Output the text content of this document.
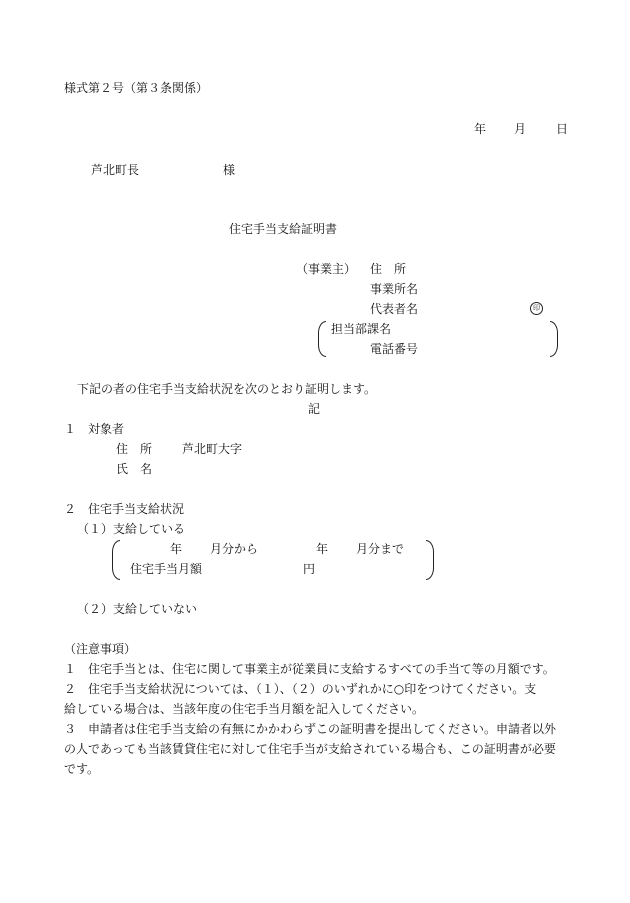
様式第２号（第３条関係）
年 月 日
芦北町長	様
住宅手当支給証明書
（事業主） 住　所
事業所名
代表者名	印
担当部課名
電話番号
下記の者の住宅手当支給状況を次のとおり証明します。
記
１　対象者
住　所 芦北町大字
氏　名
２　住宅手当支給状況
（１）支給している
年 月分から	年 月分まで
住宅手当月額	円
（２）支給していない
（注意事項）
１　住宅手当とは、住宅に関して事業主が従業員に支給するすべての手当て等の月額です。
２　住宅手当支給状況については、（１）、（２）のいずれかに○印をつけてください。支
給している場合は、当該年度の住宅手当月額を記入してください。
３　申請者は住宅手当支給の有無にかかわらずこの証明書を提出してください。申請者以外
の人であっても当該賃貸住宅に対して住宅手当が支給されている場合も、この証明書が必要
です。
